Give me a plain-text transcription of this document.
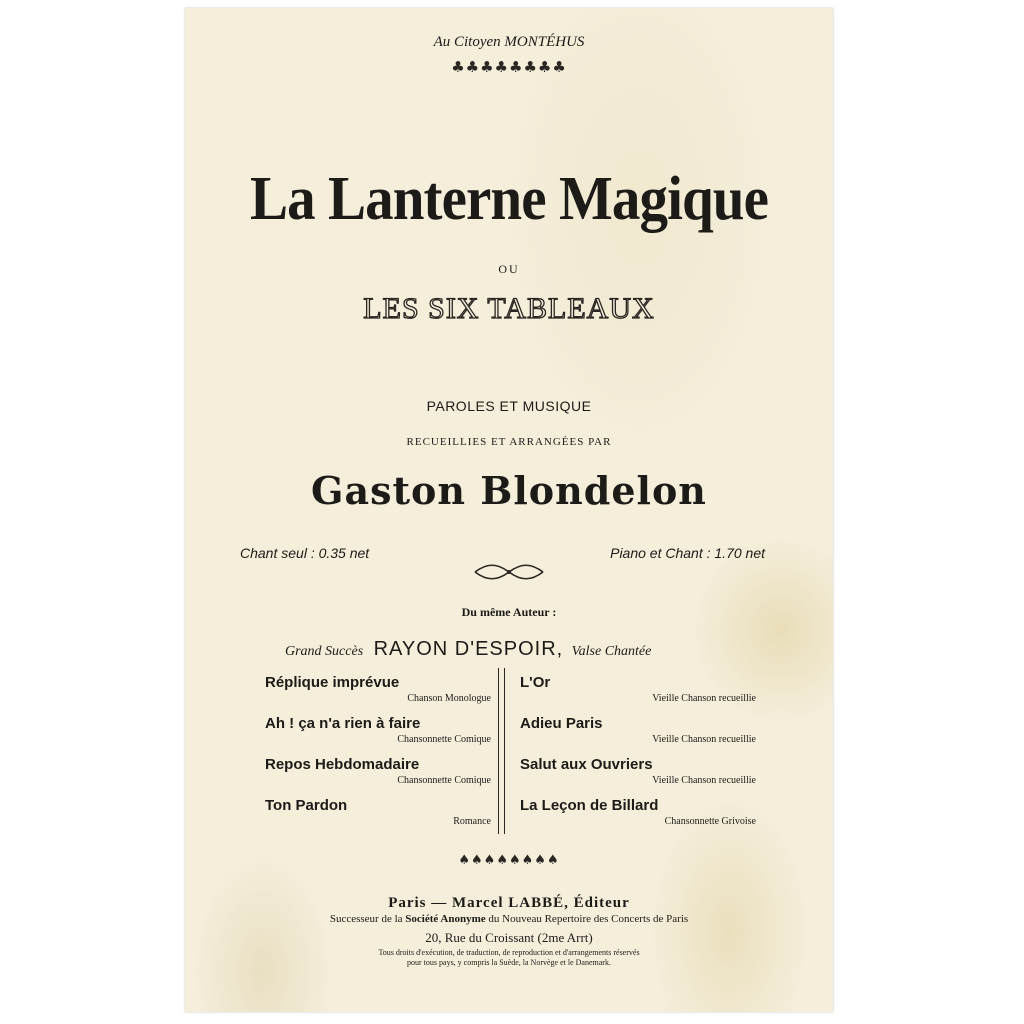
Au Citoyen MONTÉHUS
♣♣♣♣♣♣♣♣
La Lanterne Magique
OU
LES SIX TABLEAUX
PAROLES ET MUSIQUE
RECUEILLIES ET ARRANGÉES PAR
Gaston Blondelon
Chant seul : 0.35 net	Piano et Chant : 1.70 net
Du même Auteur :
Grand Succès RAYON D'ESPOIR, Valse Chantée
Réplique imprévue
Chanson Monologue
Ah ! ça n'a rien à faire
Chansonnette Comique
Repos Hebdomadaire
Chansonnette Comique
Ton Pardon
Romance
L'Or
Vieille Chanson recueillie
Adieu Paris
Vieille Chanson recueillie
Salut aux Ouvriers
Vieille Chanson recueillie
La Leçon de Billard
Chansonnette Grivoise
♠♠♠♠♠♠♠♠
Paris — Marcel LABBÉ, Éditeur
Successeur de la Société Anonyme du Nouveau Repertoire des Concerts de Paris
20, Rue du Croissant (2me Arrt)
Tous droits d'exécution, de traduction, de reproduction et d'arrangements réservés
pour tous pays, y compris la Suède, la Norvège et le Danemark.
